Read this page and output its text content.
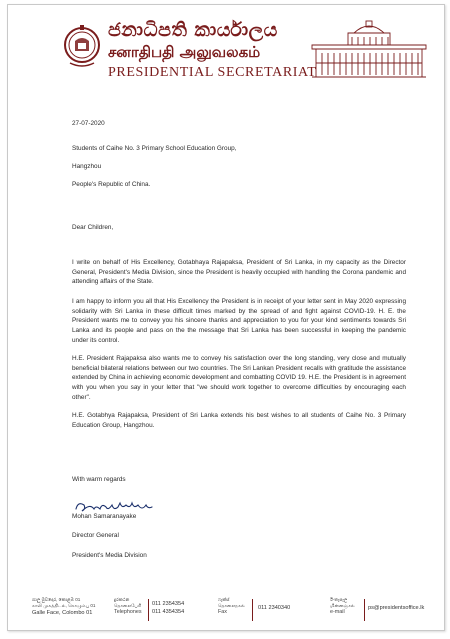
ජනාධිපති කාර්යාලය
சனாதிபதி அலுவலகம்
PRESIDENTIAL SECRETARIAT
27-07-2020
Students of Caihe No. 3 Primary School Education Group,
Hangzhou
People's Republic of China.
Dear Children,

I write on behalf of His Excellency, Gotabhaya Rajapaksa, President of Sri Lanka, in my capacity as the Director General, President's Media Division, since the President is heavily occupied with handling the Corona pandemic and attending affairs of the State.

I am happy to inform you all that His Excellency the President is in receipt of your letter sent in May 2020 expressing solidarity with Sri Lanka in these difficult times marked by the spread of and fight against COVID-19. H. E. the President wants me to convey you his sincere thanks and appreciation to you for your kind sentiments towards Sri Lanka and its people and pass on the the message that Sri Lanka has been successful in keeping the pandemic under its control.

H.E. President Rajapaksa also wants me to convey his satisfaction over the long standing, very close and mutually beneficial bilateral relations between our two countries. The Sri Lankan President recalls with gratitude the assistance extended by China in achieving economic development and combatting COVID 19. H.E. the President is in agreement with you when you say in your letter that "we should work together to overcome difficulties by encouraging each other".

H.E. Gotabhya Rajapaksa, President of Sri Lanka extends his best wishes to all students of Caihe No. 3 Primary Education Group, Hangzhou.

With warm regards
Mohan Samaranayake
Director General
President's Media Division
ගාලු මුවදොර, කොළඹ 01
காலி முகத்திடல், கொழும்பு 01
Galle Face, Colombo 01
දුරකථන
தொலைபேசி
Telephones
011 2354354
011 4354354
ෆැක්ස්
தொலைநகல்
Fax
011 2340340
ඊ-තැපෑල
மின்னஞ்சல்
e-mail
ps@presidentsoffice.lk
